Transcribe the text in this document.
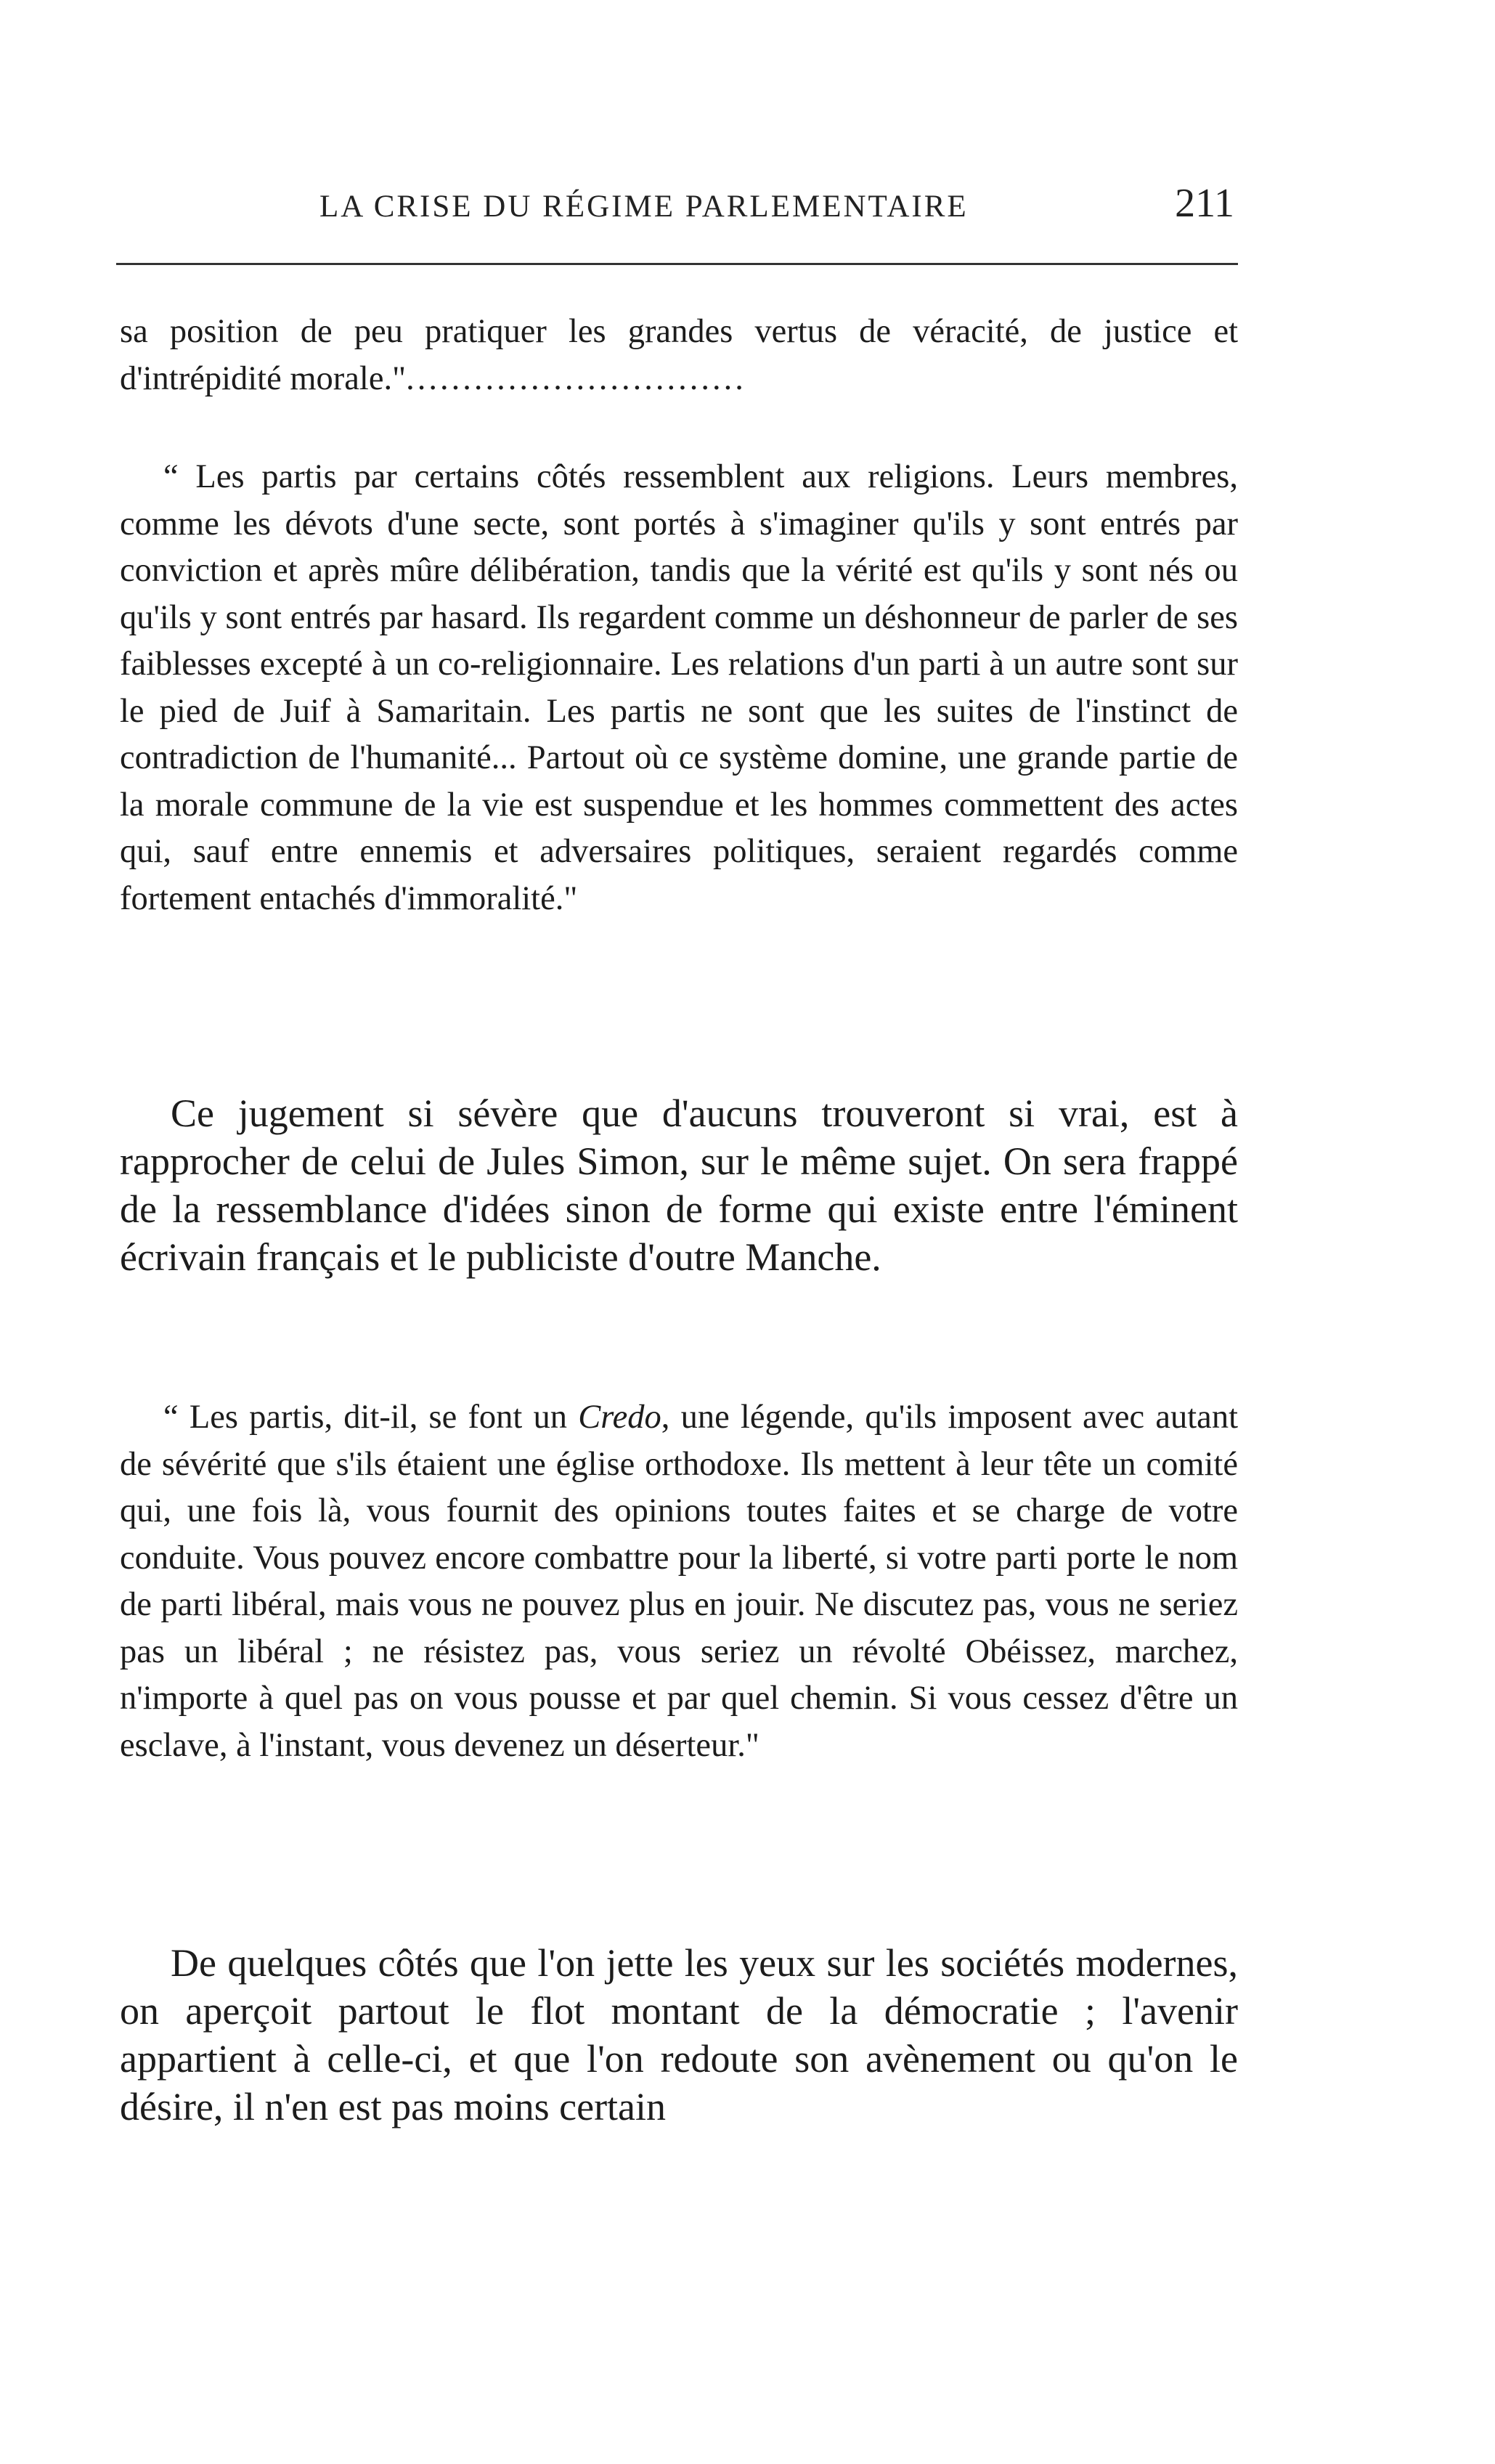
LA CRISE DU RÉGIME PARLEMENTAIRE	211

sa position de peu pratiquer les grandes vertus de véracité, de justice et d'intrépidité morale."..............................

“ Les partis par certains côtés ressemblent aux religions. Leurs membres, comme les dévots d'une secte, sont portés à s'imaginer qu'ils y sont entrés par conviction et après mûre délibération, tandis que la vérité est qu'ils y sont nés ou qu'ils y sont entrés par hasard. Ils regardent comme un déshonneur de parler de ses faiblesses excepté à un co-religionnaire. Les relations d'un parti à un autre sont sur le pied de Juif à Samaritain. Les partis ne sont que les suites de l'instinct de contradiction de l'humanité... Partout où ce système domine, une grande partie de la morale commune de la vie est suspendue et les hommes commettent des actes qui, sauf entre ennemis et adversaires politiques, seraient regardés comme fortement entachés d'immoralité."

Ce jugement si sévère que d'aucuns trouveront si vrai, est à rapprocher de celui de Jules Simon, sur le même sujet. On sera frappé de la ressemblance d'idées sinon de forme qui existe entre l'éminent écrivain français et le publiciste d'outre Manche.

“ Les partis, dit-il, se font un Credo, une légende, qu'ils imposent avec autant de sévérité que s'ils étaient une église orthodoxe. Ils mettent à leur tête un comité qui, une fois là, vous fournit des opinions toutes faites et se charge de votre conduite. Vous pouvez encore combattre pour la liberté, si votre parti porte le nom de parti libéral, mais vous ne pouvez plus en jouir. Ne discutez pas, vous ne seriez pas un libéral ; ne résistez pas, vous seriez un révolté Obéissez, marchez, n'importe à quel pas on vous pousse et par quel chemin. Si vous cessez d'être un esclave, à l'instant, vous devenez un déserteur."

De quelques côtés que l'on jette les yeux sur les sociétés modernes, on aperçoit partout le flot montant de la démocratie ; l'avenir appartient à celle-ci, et que l'on redoute son avènement ou qu'on le désire, il n'en est pas moins certain
